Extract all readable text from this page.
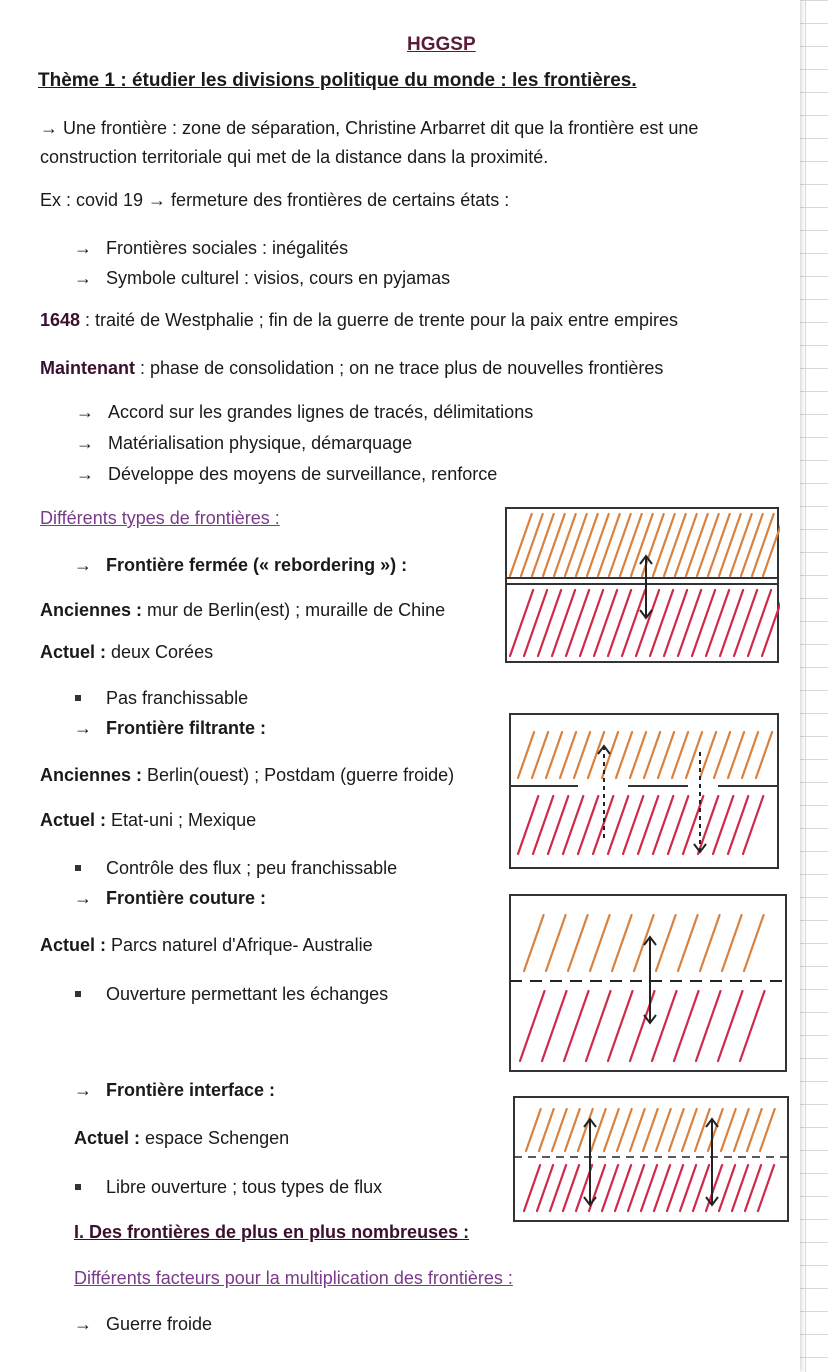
HGGSP
Thème 1 : étudier les divisions politique du monde : les frontières.
→ Une frontière : zone de séparation, Christine Arbarret dit que la frontière est une
construction territoriale qui met de la distance dans la proximité.
Ex : covid 19 → fermeture des frontières de certains états :
→ Frontières sociales : inégalités
→ Symbole culturel : visios, cours en pyjamas
1648 : traité de Westphalie ; fin de la guerre de trente pour la paix entre empires
Maintenant : phase de consolidation ; on ne trace plus de nouvelles frontières
→ Accord sur les grandes lignes de tracés, délimitations
→ Matérialisation physique, démarquage
→ Développe des moyens de surveillance, renforce
Différents types de frontières :
→ Frontière fermée (« rebordering ») :
Anciennes : mur de Berlin(est) ; muraille de Chine
Actuel : deux Corées
Pas franchissable
→ Frontière filtrante :
Anciennes : Berlin(ouest) ; Postdam (guerre froide)
Actuel : Etat-uni ; Mexique
Contrôle des flux ; peu franchissable
→ Frontière couture :
Actuel : Parcs naturel d'Afrique- Australie
Ouverture permettant les échanges
→ Frontière interface :
Actuel : espace Schengen
Libre ouverture ; tous types de flux
I. Des frontières de plus en plus nombreuses :
Différents facteurs pour la multiplication des frontières :
→ Guerre froide
